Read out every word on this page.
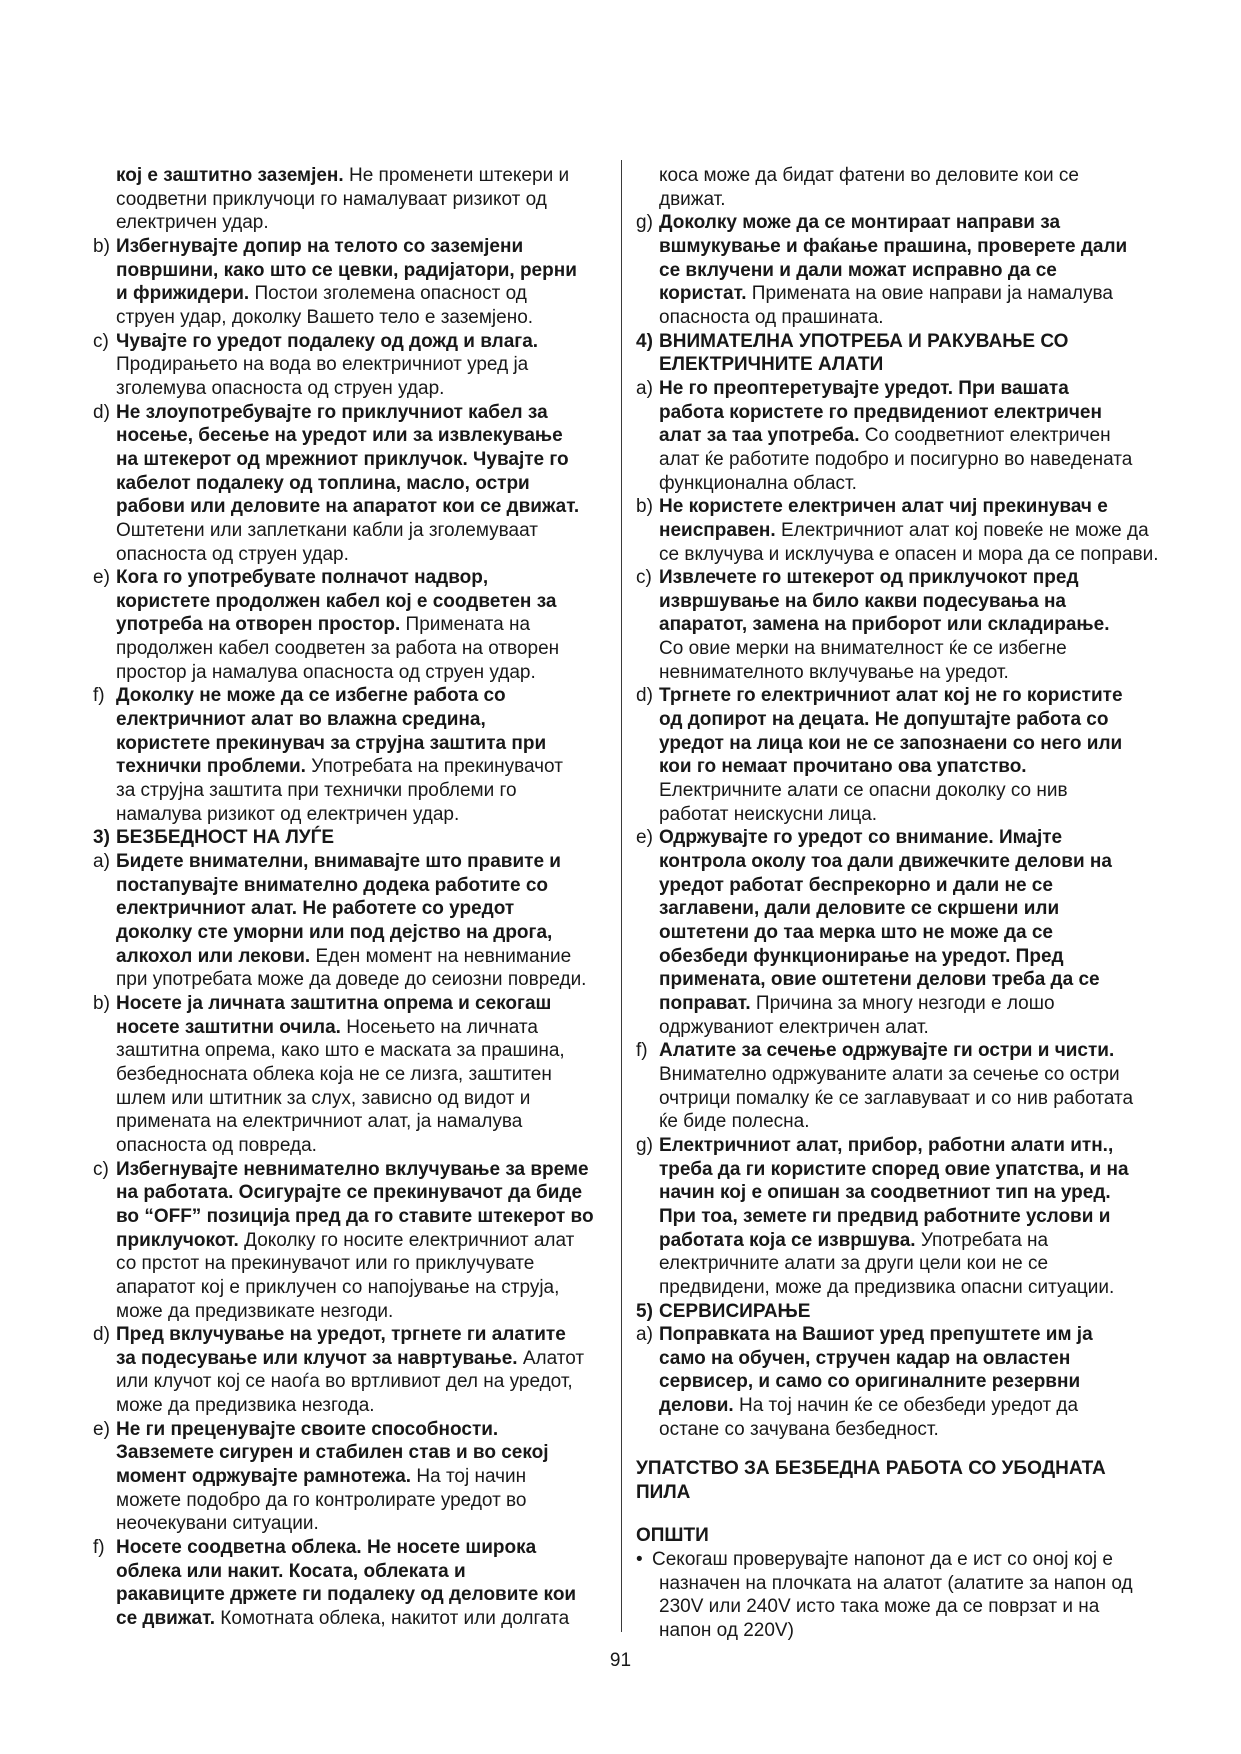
кој е заштитно заземјен. Не променети штекери и
соодветни приклучоци го намалуваат ризикот од
електричен удар.
b) Избегнувајте допир на телото со заземјени
површини, како што се цевки, радијатори, рерни
и фрижидери. Постои зголемена опасност од
струен удар, доколку Вашето тело е заземјено.
c) Чувајте го уредот подалеку од дожд и влага.
Продирањето на вода во електричниот уред ја
зголемува опасноста од струен удар.
d) Не злоупотребувајте го приклучниот кабел за
носење, бесење на уредот или за извлекување
на штекерот од мрежниот приклучок. Чувајте го
кабелот подалеку од топлина, масло, остри
рабови или деловите на апаратот кои се движат.
Оштетени или заплеткани кабли ја зголемуваат
опасноста од струен удар.
e) Кога го употребувате полначот надвор,
користете продолжен кабел кој е соодветен за
употреба на отворен простор. Примената на
продолжен кабел соодветен за работа на отворен
простор ја намалува опасноста од струен удар.
f) Доколку не може да се избегне работа со
електричниот алат во влажна средина,
користете прекинувач за струјна заштита при
технички проблеми. Употребата на прекинувачот
за струјна заштита при технички проблеми го
намалува ризикот од електричен удар.
3) БЕЗБЕДНОСТ НА ЛУЃЕ
a) Бидете внимателни, внимавајте што правите и
постапувајте внимателно додека работите со
електричниот алат. Не работете со уредот
доколку сте уморни или под дејство на дрога,
алкохол или лекови. Еден момент на невнимание
при употребата може да доведе до сеиозни повреди.
b) Носете ја личната заштитна опрема и секогаш
носете заштитни очила. Носењето на личната
заштитна опрема, како што е маската за прашина,
безбедносната облека која не се лизга, заштитен
шлем или штитник за слух, зависно од видот и
примената на електричниот алат, ја намалува
опасноста од повреда.
c) Избегнувајте невнимателно вклучување за време
на работата. Осигурајте се прекинувачот да биде
во “OFF” позиција пред да го ставите штекерот во
приклучокот. Доколку го носите електричниот алат
со прстот на прекинувачот или го приклучувате
апаратот кој е приклучен со напојување на струја,
може да предизвикате незгоди.
d) Пред вклучување на уредот, тргнете ги алатите
за подесување или клучот за навртување. Алатот
или клучот кој се наоѓа во вртливиот дел на уредот,
може да предизвика незгода.
e) Не ги преценувајте своите способности.
Завземете сигурен и стабилен став и во секој
момент одржувајте рамнотежа. На тој начин
можете подобро да го контролирате уредот во
неочекувани ситуации.
f) Носете соодветна облека. Не носете широка
облека или накит. Косата, облеката и
ракавиците држете ги подалеку од деловите кои
се движат. Комотната облека, накитот или долгата
коса може да бидат фатени во деловите кои се
движат.
g) Доколку може да се монтираат направи за
вшмукување и фаќање прашина, проверете дали
се вклучени и дали можат исправно да се
користат. Примената на овие направи ја намалува
опасноста од прашината.
4) ВНИМАТЕЛНА УПОТРЕБА И РАКУВАЊЕ СО
ЕЛЕКТРИЧНИТЕ АЛАТИ
a) Не го преоптеретувајте уредот. При вашата
работа користете го предвидениот електричен
алат за таа употреба. Со соодветниот електричен
алат ќе работите подобро и посигурно во наведената
функционална област.
b) Не користете електричен алат чиј прекинувач е
неисправен. Електричниот алат кој повеќе не може да
се вклучува и исклучува е опасен и мора да се поправи.
c) Извлечете го штекерот од приклучокот пред
извршување на било какви подесувања на
апаратот, замена на приборот или складирање.
Со овие мерки на внимателност ќе се избегне
невнимателното вклучување на уредот.
d) Тргнете го електричниот алат кој не го користите
од допирот на децата. Не допуштајте работа со
уредот на лица кои не се запознаени со него или
кои го немаат прочитано ова упатство.
Електричните алати се опасни доколку со нив
работат неискусни лица.
e) Одржувајте го уредот со внимание. Имајте
контрола околу тоа дали движечките делови на
уредот работат беспрекорно и дали не се
заглавени, дали деловите се скршени или
оштетени до таа мерка што не може да се
обезбеди функционирање на уредот. Пред
примената, овие оштетени делови треба да се
поправат. Причина за многу незгоди е лошо
одржуваниот електричен алат.
f) Алатите за сечење одржувајте ги остри и чисти.
Внимателно одржуваните алати за сечење со остри
очтрици помалку ќе се заглавуваат и со нив работата
ќе биде полесна.
g) Електричниот алат, прибор, работни алати итн.,
треба да ги користите според овие упатства, и на
начин кој е опишан за соодветниот тип на уред.
При тоа, земете ги предвид работните услови и
работата која се извршува. Употребата на
електричните алати за други цели кои не се
предвидени, може да предизвика опасни ситуации.
5) СЕРВИСИРАЊЕ
a) Поправката на Вашиот уред препуштете им ја
само на обучен, стручен кадар на овластен
сервисер, и само со оригиналните резервни
делови. На тој начин ќе се обезбеди уредот да
остане со зачувана безбедност.
УПАТСТВО ЗА БЕЗБЕДНА РАБОТА СО УБОДНАТА
ПИЛА
ОПШТИ
• Секогаш проверувајте напонот да е ист со оној кој е
назначен на плочката на алатот (алатите за напон од
230V или 240V исто така може да се поврзат и на
напон од 220V)
91
